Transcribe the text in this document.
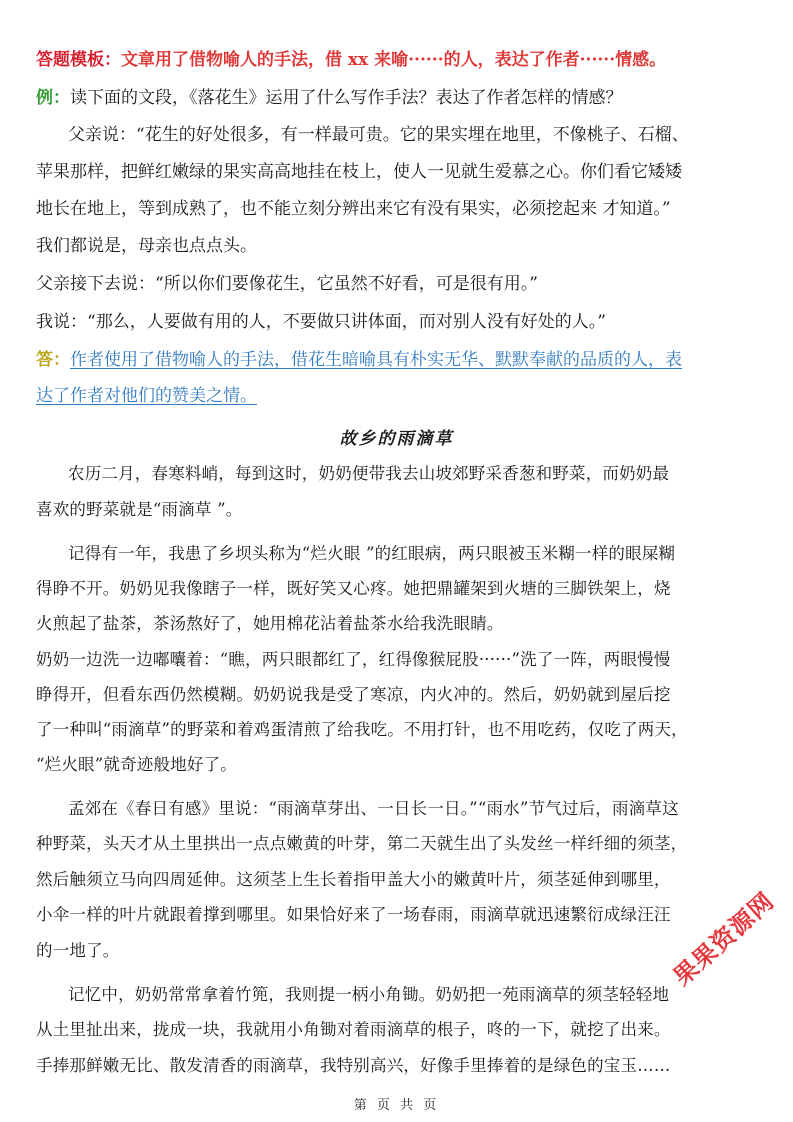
答题模板：文章用了借物喻人的手法，借 xx 来喻······的人，表达了作者······情感。
例：读下面的文段，《落花生》运用了什么写作手法？表达了作者怎样的情感？
父亲说：“花生的好处很多，有一样最可贵。它的果实埋在地里，不像桃子、石榴、
苹果那样，把鲜红嫩绿的果实高高地挂在枝上，使人一见就生爱慕之心。你们看它矮矮
地长在地上，等到成熟了，也不能立刻分辨出来它有没有果实，必须挖起来 才知道。”
我们都说是，母亲也点点头。
父亲接下去说：“所以你们要像花生，它虽然不好看，可是很有用。”
我说：“那么，人要做有用的人，不要做只讲体面，而对别人没有好处的人。”
答：作者使用了借物喻人的手法，借花生暗喻具有朴实无华、默默奉献的品质的人，表
达了作者对他们的赞美之情。
故乡的雨滴草
农历二月，春寒料峭，每到这时，奶奶便带我去山坡郊野采香葱和野菜，而奶奶最
喜欢的野菜就是“雨滴草 ”。
记得有一年，我患了乡坝头称为“烂火眼 ”的红眼病，两只眼被玉米糊一样的眼屎糊
得睁不开。奶奶见我像瞎子一样，既好笑又心疼。她把鼎罐架到火塘的三脚铁架上，烧
火煎起了盐茶，茶汤熬好了，她用棉花沾着盐茶水给我洗眼睛。
奶奶一边洗一边嘟囔着：“瞧，两只眼都红了，红得像猴屁股······”洗了一阵，两眼慢慢
睁得开，但看东西仍然模糊。奶奶说我是受了寒凉，内火冲的。然后，奶奶就到屋后挖
了一种叫“雨滴草”的野菜和着鸡蛋清煎了给我吃。不用打针，也不用吃药，仅吃了两天，
“烂火眼”就奇迹般地好了。
孟郊在《春日有感》里说：“雨滴草芽出、一日长一日。”“雨水”节气过后，雨滴草这
种野菜，头天才从土里拱出一点点嫩黄的叶芽，第二天就生出了头发丝一样纤细的须茎，
然后触须立马向四周延伸。这须茎上生长着指甲盖大小的嫩黄叶片，须茎延伸到哪里，
小伞一样的叶片就跟着撑到哪里。如果恰好来了一场春雨，雨滴草就迅速繁衍成绿汪汪
的一地了。
记忆中，奶奶常常拿着竹篼，我则提一柄小角锄。奶奶把一苑雨滴草的须茎轻轻地
从土里扯出来，拢成一块，我就用小角锄对着雨滴草的根子，咚的一下，就挖了出来。
手捧那鲜嫩无比、散发清香的雨滴草，我特别高兴，好像手里捧着的是绿色的宝玉……
第 页 共 页
果果资源网
